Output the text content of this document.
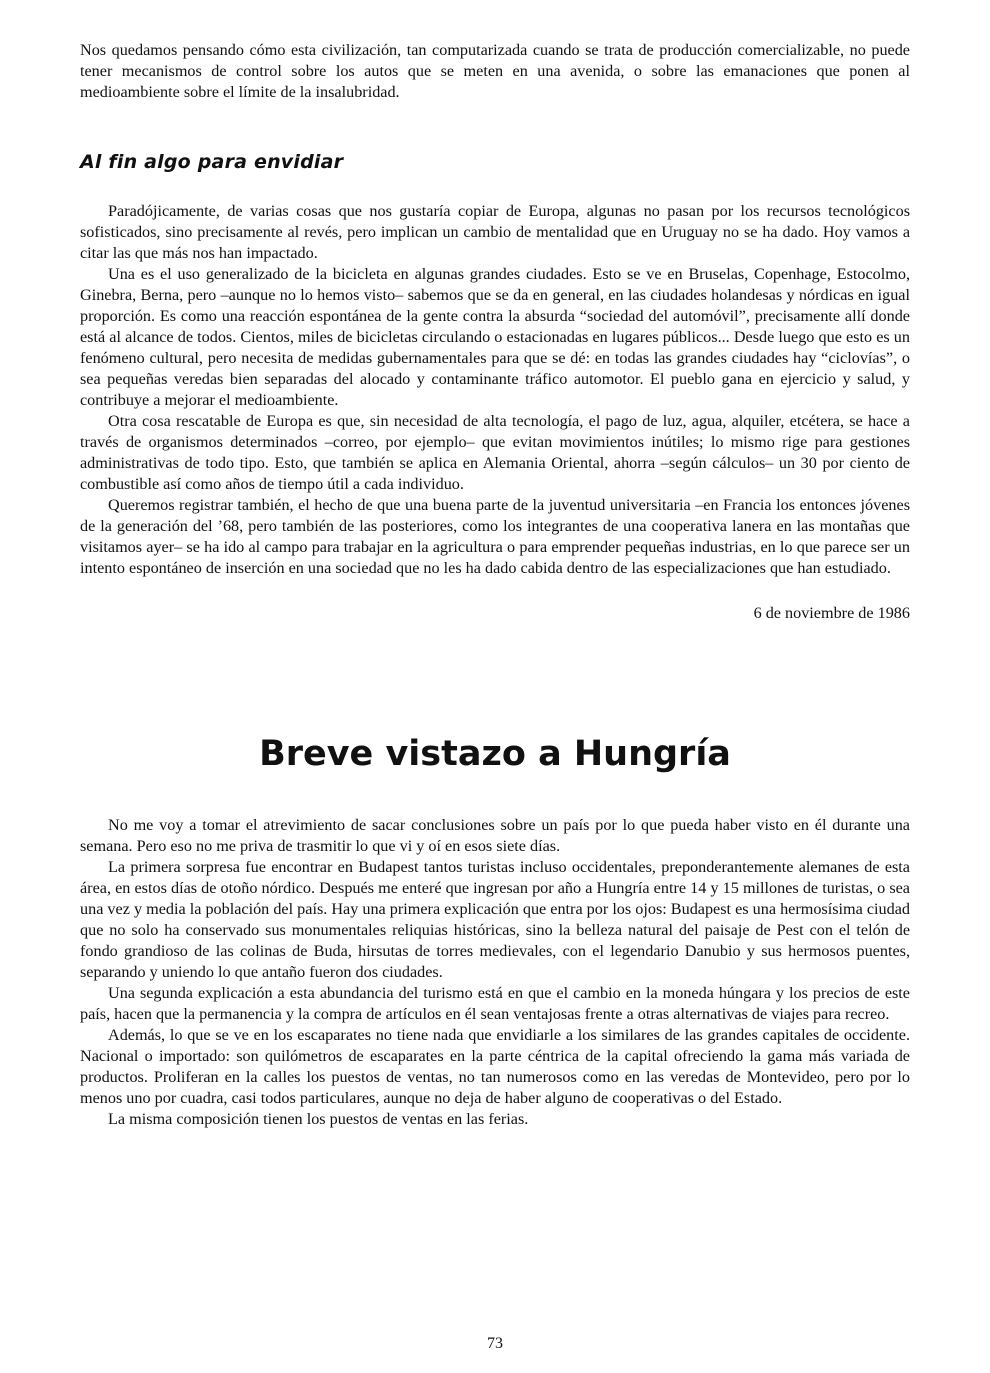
Nos quedamos pensando cómo esta civilización, tan computarizada cuando se trata de producción comercializable, no puede tener mecanismos de control sobre los autos que se meten en una avenida, o sobre las emanaciones que ponen al medioambiente sobre el límite de la insalubridad.

Al fin algo para envidiar

Paradójicamente, de varias cosas que nos gustaría copiar de Europa, algunas no pasan por los recursos tecnológicos sofisticados, sino precisamente al revés, pero implican un cambio de mentalidad que en Uruguay no se ha dado. Hoy vamos a citar las que más nos han impactado.

Una es el uso generalizado de la bicicleta en algunas grandes ciudades. Esto se ve en Bruselas, Copenhage, Estocolmo, Ginebra, Berna, pero –aunque no lo hemos visto– sabemos que se da en general, en las ciudades holandesas y nórdicas en igual proporción. Es como una reacción espontánea de la gente contra la absurda “sociedad del automóvil”, precisamente allí donde está al alcance de todos. Cientos, miles de bicicletas circulando o estacionadas en lugares públicos... Desde luego que esto es un fenómeno cultural, pero necesita de medidas gubernamentales para que se dé: en todas las grandes ciudades hay “ciclovías”, o sea pequeñas veredas bien separadas del alocado y contaminante tráfico automotor. El pueblo gana en ejercicio y salud, y contribuye a mejorar el medioambiente.

Otra cosa rescatable de Europa es que, sin necesidad de alta tecnología, el pago de luz, agua, alquiler, etcétera, se hace a través de organismos determinados –correo, por ejemplo– que evitan movimientos inútiles; lo mismo rige para gestiones administrativas de todo tipo. Esto, que también se aplica en Alemania Oriental, ahorra –según cálculos– un 30 por ciento de combustible así como años de tiempo útil a cada individuo.

Queremos registrar también, el hecho de que una buena parte de la juventud universitaria –en Francia los entonces jóvenes de la generación del ’68, pero también de las posteriores, como los integrantes de una cooperativa lanera en las montañas que visitamos ayer– se ha ido al campo para trabajar en la agricultura o para emprender pequeñas industrias, en lo que parece ser un intento espontáneo de inserción en una sociedad que no les ha dado cabida dentro de las especializaciones que han estudiado.

6 de noviembre de 1986

Breve vistazo a Hungría

No me voy a tomar el atrevimiento de sacar conclusiones sobre un país por lo que pueda haber visto en él durante una semana. Pero eso no me priva de trasmitir lo que vi y oí en esos siete días.

La primera sorpresa fue encontrar en Budapest tantos turistas incluso occidentales, preponderantemente alemanes de esta área, en estos días de otoño nórdico. Después me enteré que ingresan por año a Hungría entre 14 y 15 millones de turistas, o sea una vez y media la población del país. Hay una primera explicación que entra por los ojos: Budapest es una hermosísima ciudad que no solo ha conservado sus monumentales reliquias históricas, sino la belleza natural del paisaje de Pest con el telón de fondo grandioso de las colinas de Buda, hirsutas de torres medievales, con el legendario Danubio y sus hermosos puentes, separando y uniendo lo que antaño fueron dos ciudades.

Una segunda explicación a esta abundancia del turismo está en que el cambio en la moneda húngara y los precios de este país, hacen que la permanencia y la compra de artículos en él sean ventajosas frente a otras alternativas de viajes para recreo.

Además, lo que se ve en los escaparates no tiene nada que envidiarle a los similares de las grandes capitales de occidente. Nacional o importado: son quilómetros de escaparates en la parte céntrica de la capital ofreciendo la gama más variada de productos. Proliferan en la calles los puestos de ventas, no tan numerosos como en las veredas de Montevideo, pero por lo menos uno por cuadra, casi todos particulares, aunque no deja de haber alguno de cooperativas o del Estado.

La misma composición tienen los puestos de ventas en las ferias.

73
